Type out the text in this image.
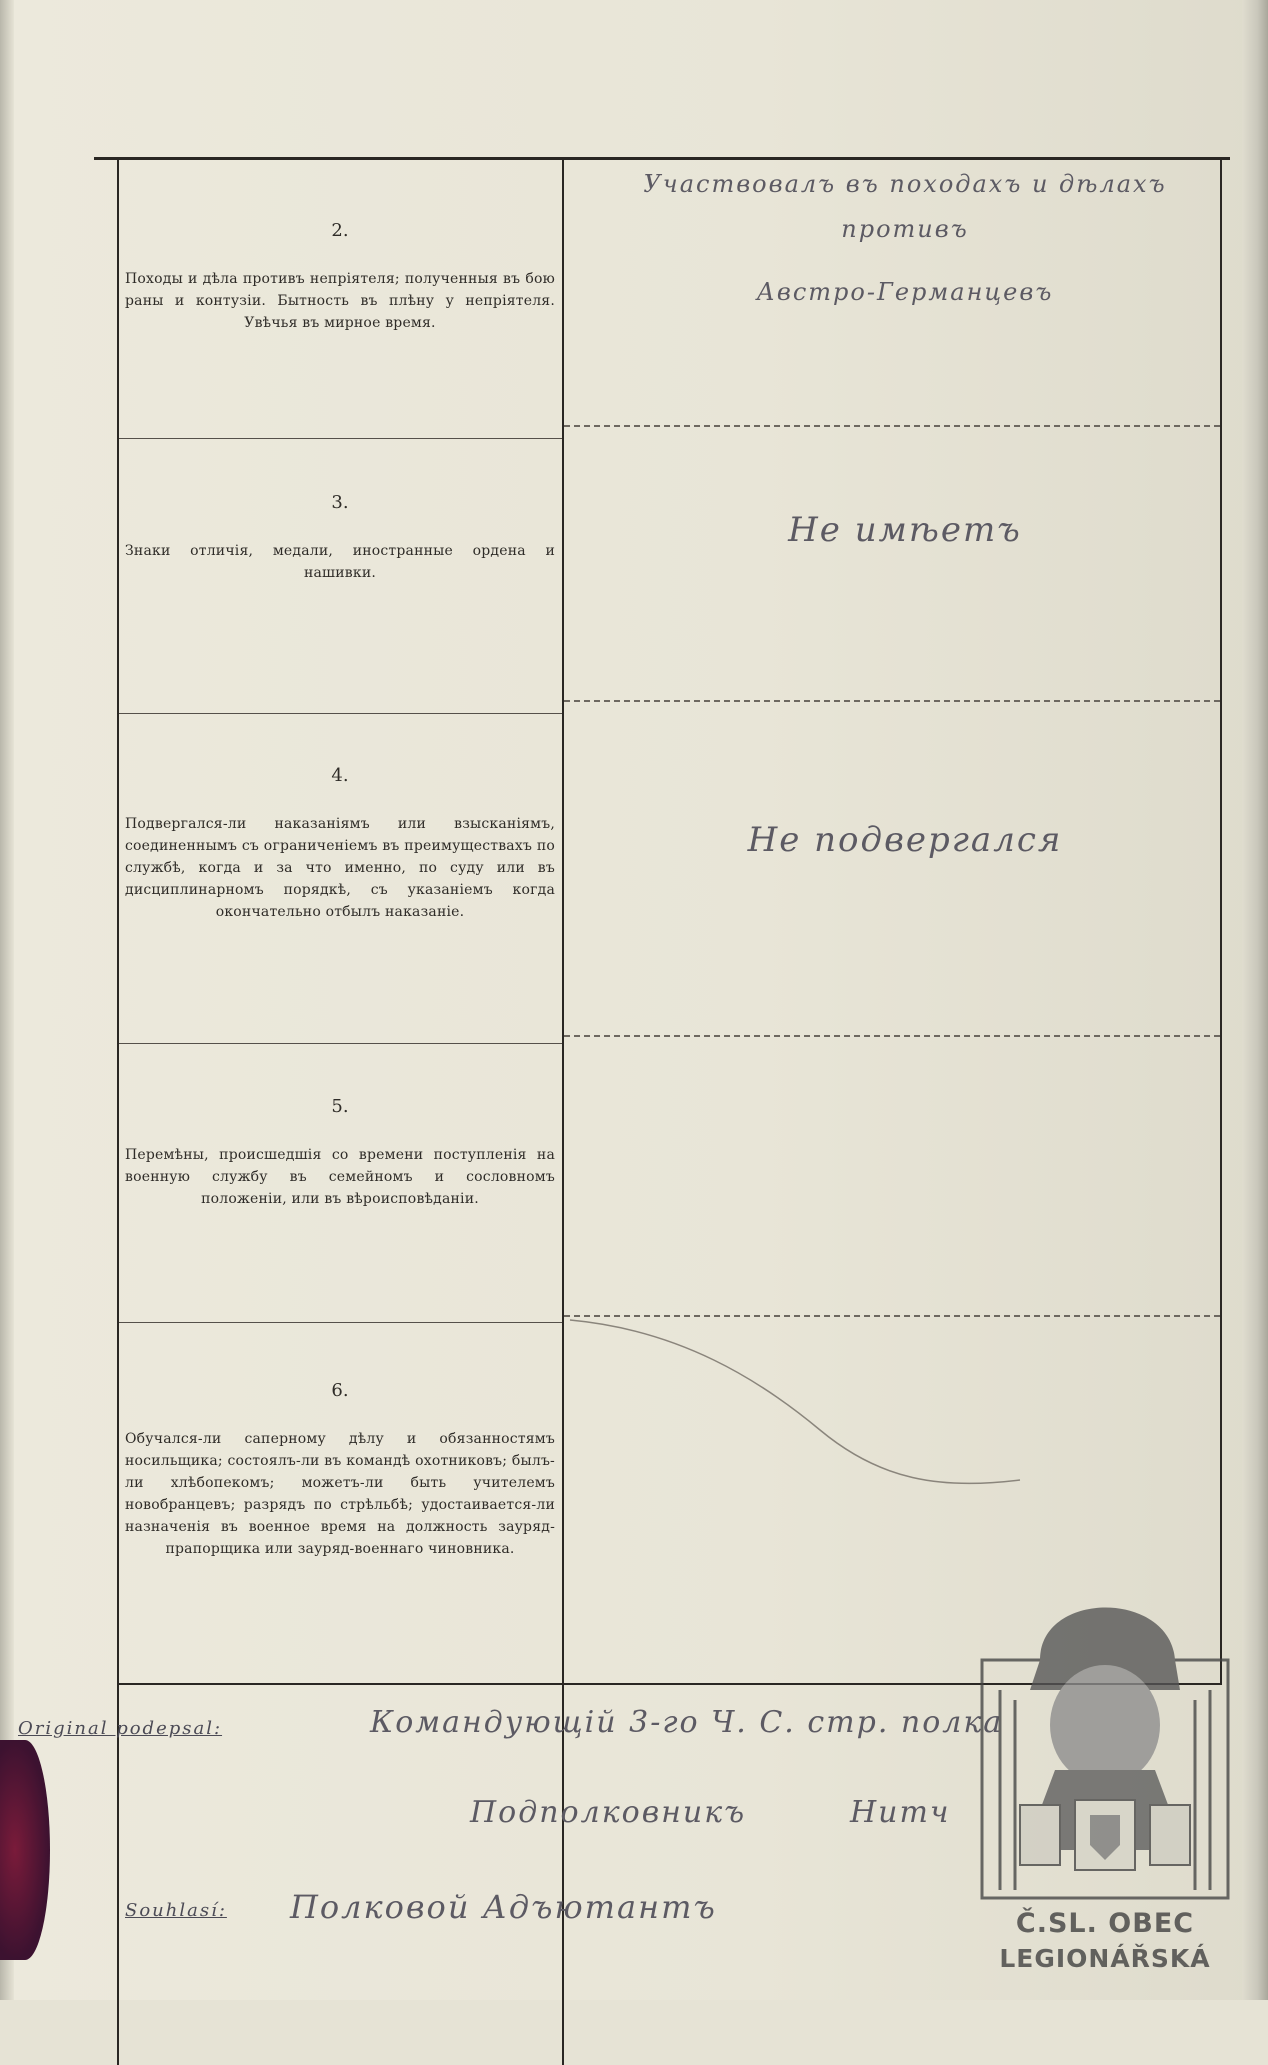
2.
Походы и дѣла противъ непріятеля; полученныя въ бою раны и контузіи. Бытность въ плѣну у непріятеля. Увѣчья въ мирное время.
Участвовалъ въ походахъ и дѣлахъ
противъ
Австро-Германцевъ
3.
Знаки отличія, медали, иностранные ордена и нашивки.
Не имѣетъ
4.
Подвергался-ли наказаніямъ или взысканіямъ, соединеннымъ съ ограниченіемъ въ преимуществахъ по службѣ, когда и за что именно, по суду или въ дисциплинарномъ порядкѣ, съ указаніемъ когда окончательно отбылъ наказаніе.
Не подвергался
5.
Перемѣны, происшедшія со времени поступленія на военную службу въ семейномъ и сословномъ положеніи, или въ вѣроисповѣданіи.
6.
Обучался-ли саперному дѣлу и обязанностямъ носильщика; состоялъ-ли въ командѣ охотниковъ; былъ-ли хлѣбопекомъ; можетъ-ли быть учителемъ новобранцевъ; разрядъ по стрѣльбѣ; удостаивается-ли назначенія въ военное время на должность зауряд-прапорщика или зауряд-военнаго чиновника.
Original podepsal:	Командующій 3-го Ч. С. стр. полка
Подполковникъ	Нитч
Souhlasí: Полковой Адъютантъ	Č.SL. OBEC
LEGIONÁŘSKÁ
